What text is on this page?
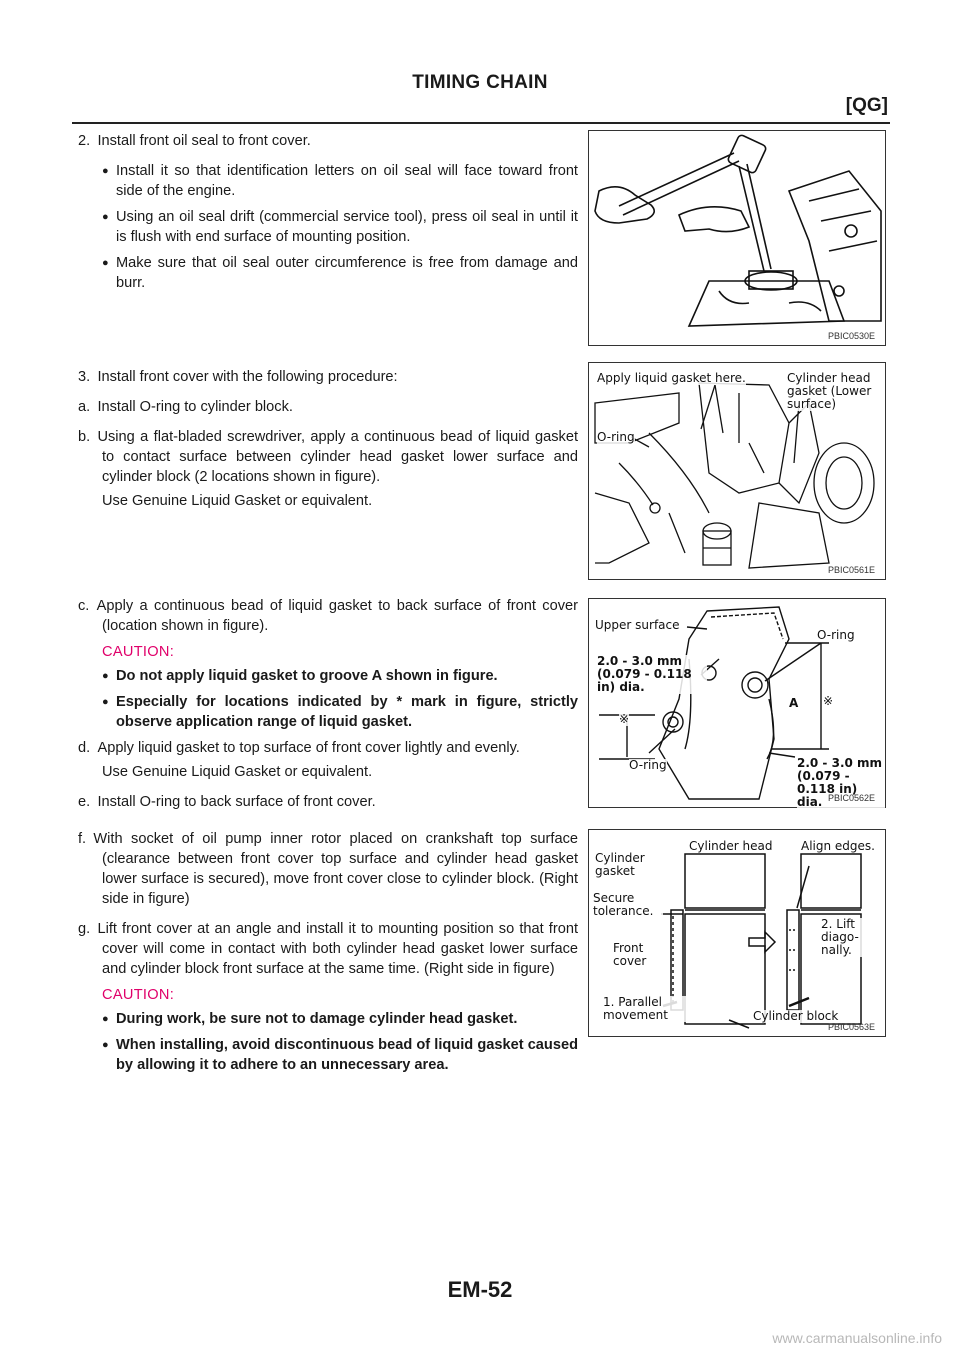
TIMING CHAIN
[QG]

2. Install front oil seal to front cover.

● Install it so that identification letters on oil seal will face toward front side of the engine.
● Using an oil seal drift (commercial service tool), press oil seal in until it is flush with end surface of mounting position.
● Make sure that oil seal outer circumference is free from damage and burr.
PBIC0530E

3. Install front cover with the following procedure:

a. Install O-ring to cylinder block.

b. Using a flat-bladed screwdriver, apply a continuous bead of liquid gasket to contact surface between cylinder head gasket lower surface and cylinder block (2 locations shown in figure).

Use Genuine Liquid Gasket or equivalent.

Apply liquid gasket here.	Cylinder head gasket (Lower surface)
O-ring
PBIC0561E

c. Apply a continuous bead of liquid gasket to back surface of front cover (location shown in figure).

CAUTION:
● Do not apply liquid gasket to groove A shown in figure.
● Especially for locations indicated by * mark in figure, strictly observe application range of liquid gasket.

d. Apply liquid gasket to top surface of front cover lightly and evenly.

Use Genuine Liquid Gasket or equivalent.

e. Install O-ring to back surface of front cover.

Upper surface
O-ring
2.0 - 3.0 mm (0.079 - 0.118 in) dia.
※
※
A
O-ring	2.0 - 3.0 mm (0.079 - 0.118 in) dia. PBIC0562E

f. With socket of oil pump inner rotor placed on crankshaft top surface (clearance between front cover top surface and cylinder head gasket lower surface is secured), move front cover close to cylinder block. (Right side in figure)

g. Lift front cover at an angle and install it to mounting position so that front cover will come in contact with both cylinder head gasket lower surface and cylinder block front surface at the same time. (Right side in figure)

CAUTION:
● During work, be sure not to damage cylinder head gasket.
● When installing, avoid discontinuous bead of liquid gasket caused by allowing it to adhere to an unnecessary area.
Cylinder gasket
Cylinder head Align edges.
Secure tolerance.
Front cover
2. Lift diago- nally.
1. Parallel movement	Cylinder block
PBIC0563E
EM-52
www.carmanualsonline.info
